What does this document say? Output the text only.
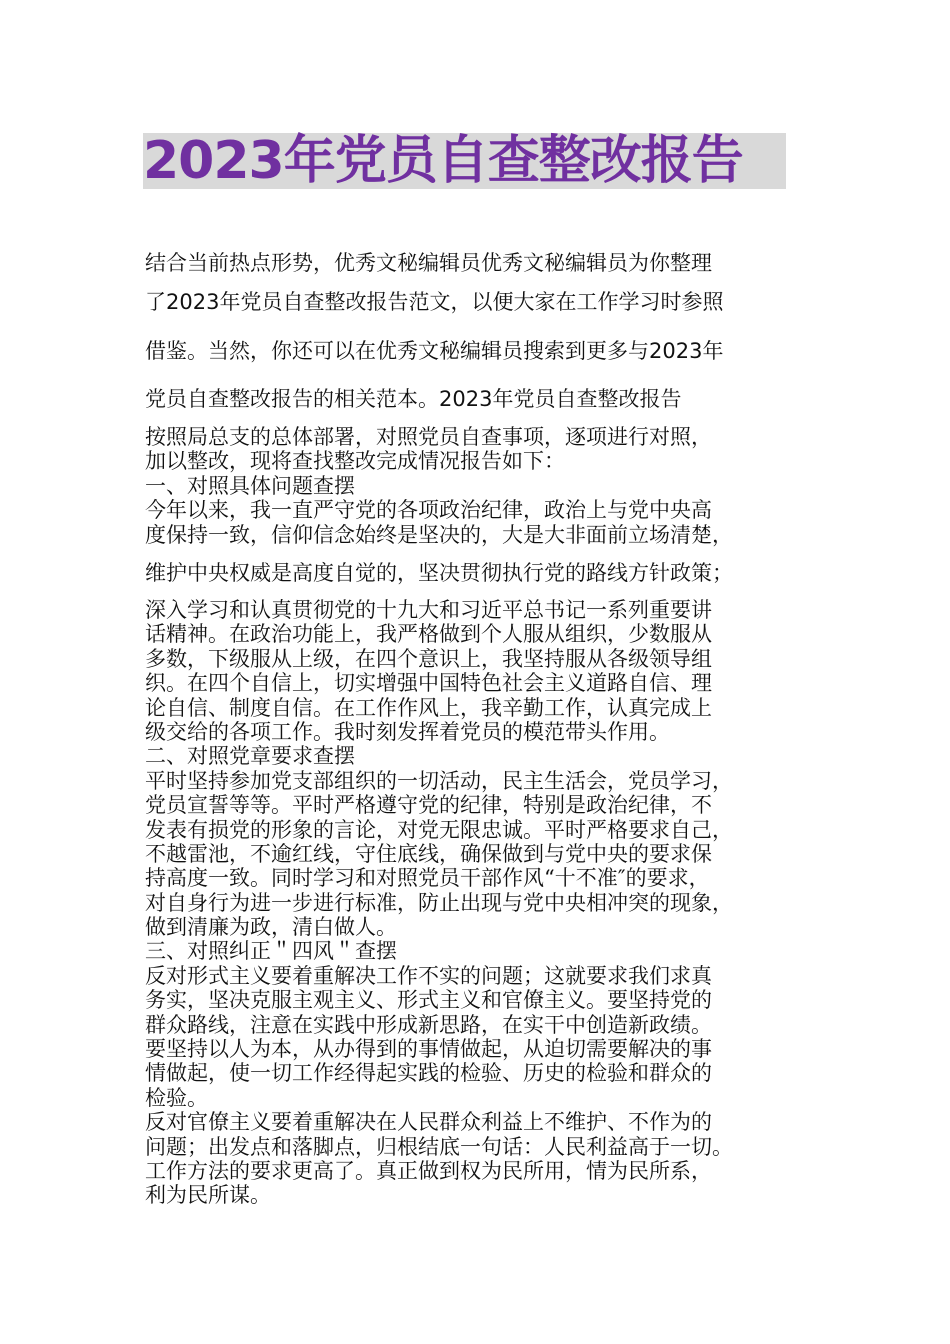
2023年党员自查整改报告
结合当前热点形势，优秀文秘编辑员优秀文秘编辑员为你整理
了2023年党员自查整改报告范文，以便大家在工作学习时参照
借鉴。当然，你还可以在优秀文秘编辑员搜索到更多与2023年
党员自查整改报告的相关范本。2023年党员自查整改报告
按照局总支的总体部署，对照党员自查事项，逐项进行对照，
加以整改，现将查找整改完成情况报告如下：
一、对照具体问题查摆
今年以来，我一直严守党的各项政治纪律，政治上与党中央高
度保持一致，信仰信念始终是坚决的，大是大非面前立场清楚，
维护中央权威是高度自觉的，坚决贯彻执行党的路线方针政策；
深入学习和认真贯彻党的十九大和习近平总书记一系列重要讲
话精神。在政治功能上，我严格做到个人服从组织，少数服从
多数，下级服从上级，在四个意识上，我坚持服从各级领导组
织。在四个自信上，切实增强中国特色社会主义道路自信、理
论自信、制度自信。在工作作风上，我辛勤工作，认真完成上
级交给的各项工作。我时刻发挥着党员的模范带头作用。
二、对照党章要求查摆
平时坚持参加党支部组织的一切活动，民主生活会，党员学习，
党员宣誓等等。平时严格遵守党的纪律，特别是政治纪律，不
发表有损党的形象的言论，对党无限忠诚。平时严格要求自己，
不越雷池，不逾红线，守住底线，确保做到与党中央的要求保
持高度一致。同时学习和对照党员干部作风“十不准″的要求，
对自身行为进一步进行标准，防止出现与党中央相冲突的现象，
做到清廉为政，清白做人。
三、对照纠正＂四风＂查摆
反对形式主义要着重解决工作不实的问题；这就要求我们求真
务实，坚决克服主观主义、形式主义和官僚主义。要坚持党的
群众路线，注意在实践中形成新思路，在实干中创造新政绩。
要坚持以人为本，从办得到的事情做起，从迫切需要解决的事
情做起，使一切工作经得起实践的检验、历史的检验和群众的
检验。
反对官僚主义要着重解决在人民群众利益上不维护、不作为的
问题；出发点和落脚点，归根结底一句话：人民利益高于一切。
工作方法的要求更高了。真正做到权为民所用，情为民所系，
利为民所谋。
